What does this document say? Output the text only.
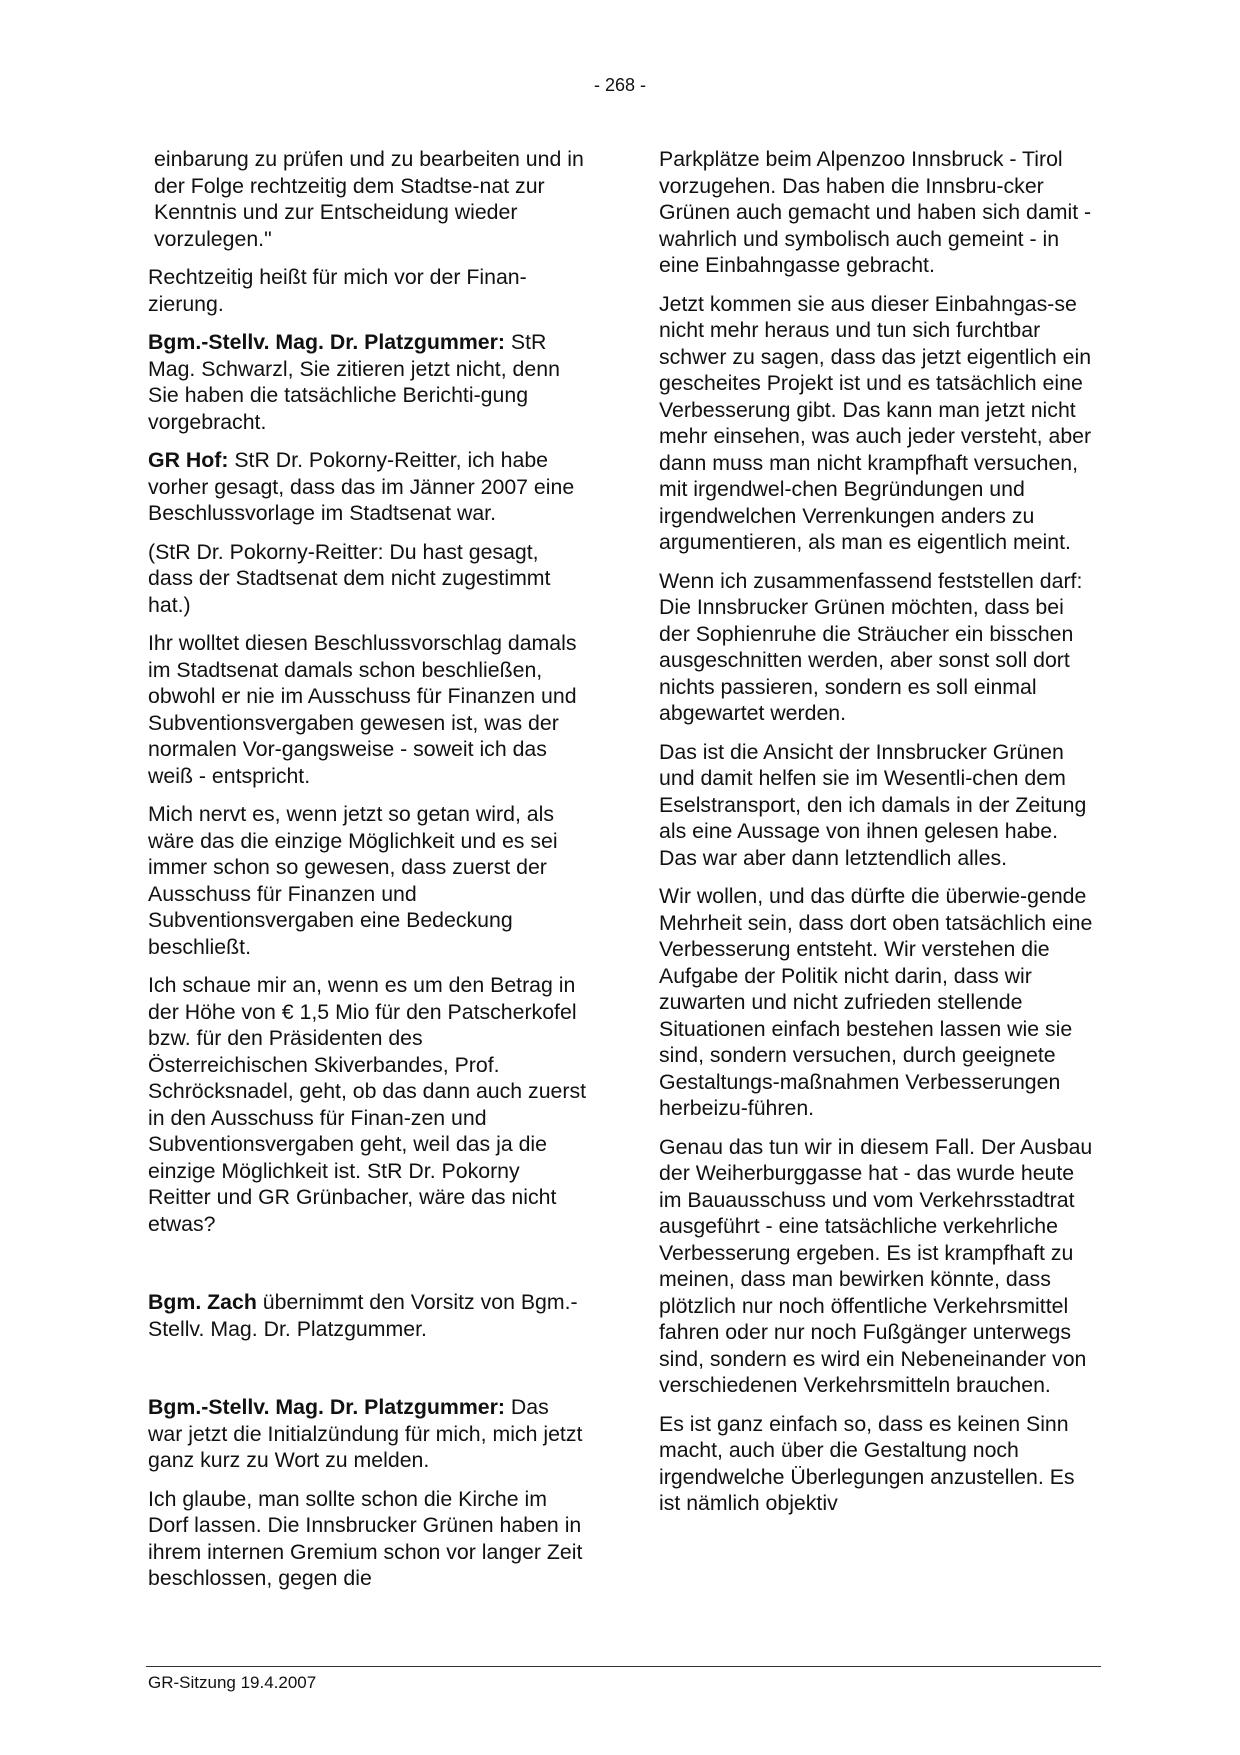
- 268 -

einbarung zu prüfen und zu bearbeiten und in der Folge rechtzeitig dem Stadtse-nat zur Kenntnis und zur Entscheidung wieder vorzulegen."

Rechtzeitig heißt für mich vor der Finan-zierung.

Bgm.-Stellv. Mag. Dr. Platzgummer: StR Mag. Schwarzl, Sie zitieren jetzt nicht, denn Sie haben die tatsächliche Berichti-gung vorgebracht.

GR Hof: StR Dr. Pokorny-Reitter, ich habe vorher gesagt, dass das im Jänner 2007 eine Beschlussvorlage im Stadtsenat war.

(StR Dr. Pokorny-Reitter: Du hast gesagt, dass der Stadtsenat dem nicht zugestimmt hat.)

Ihr wolltet diesen Beschlussvorschlag damals im Stadtsenat damals schon beschließen, obwohl er nie im Ausschuss für Finanzen und Subventionsvergaben gewesen ist, was der normalen Vor-gangsweise - soweit ich das weiß - entspricht.

Mich nervt es, wenn jetzt so getan wird, als wäre das die einzige Möglichkeit und es sei immer schon so gewesen, dass zuerst der Ausschuss für Finanzen und Subventionsvergaben eine Bedeckung beschließt.

Ich schaue mir an, wenn es um den Betrag in der Höhe von € 1,5 Mio für den Patscherkofel bzw. für den Präsidenten des Österreichischen Skiverbandes, Prof. Schröcksnadel, geht, ob das dann auch zuerst in den Ausschuss für Finan-zen und Subventionsvergaben geht, weil das ja die einzige Möglichkeit ist. StR Dr. Pokorny Reitter und GR Grünbacher, wäre das nicht etwas?

Bgm. Zach übernimmt den Vorsitz von Bgm.-Stellv. Mag. Dr. Platzgummer.

Bgm.-Stellv. Mag. Dr. Platzgummer: Das war jetzt die Initialzündung für mich, mich jetzt ganz kurz zu Wort zu melden.

Ich glaube, man sollte schon die Kirche im Dorf lassen. Die Innsbrucker Grünen haben in ihrem internen Gremium schon vor langer Zeit beschlossen, gegen die

Parkplätze beim Alpenzoo Innsbruck - Tirol vorzugehen. Das haben die Innsbru-cker Grünen auch gemacht und haben sich damit - wahrlich und symbolisch auch gemeint - in eine Einbahngasse gebracht.

Jetzt kommen sie aus dieser Einbahngas-se nicht mehr heraus und tun sich furchtbar schwer zu sagen, dass das jetzt eigentlich ein gescheites Projekt ist und es tatsächlich eine Verbesserung gibt. Das kann man jetzt nicht mehr einsehen, was auch jeder versteht, aber dann muss man nicht krampfhaft versuchen, mit irgendwel-chen Begründungen und irgendwelchen Verrenkungen anders zu argumentieren, als man es eigentlich meint.

Wenn ich zusammenfassend feststellen darf: Die Innsbrucker Grünen möchten, dass bei der Sophienruhe die Sträucher ein bisschen ausgeschnitten werden, aber sonst soll dort nichts passieren, sondern es soll einmal abgewartet werden.

Das ist die Ansicht der Innsbrucker Grünen und damit helfen sie im Wesentli-chen dem Eselstransport, den ich damals in der Zeitung als eine Aussage von ihnen gelesen habe. Das war aber dann letztendlich alles.

Wir wollen, und das dürfte die überwie-gende Mehrheit sein, dass dort oben tatsächlich eine Verbesserung entsteht. Wir verstehen die Aufgabe der Politik nicht darin, dass wir zuwarten und nicht zufrieden stellende Situationen einfach bestehen lassen wie sie sind, sondern versuchen, durch geeignete Gestaltungs-maßnahmen Verbesserungen herbeizu-führen.

Genau das tun wir in diesem Fall. Der Ausbau der Weiherburggasse hat - das wurde heute im Bauausschuss und vom Verkehrsstadtrat ausgeführt - eine tatsächliche verkehrliche Verbesserung ergeben. Es ist krampfhaft zu meinen, dass man bewirken könnte, dass plötzlich nur noch öffentliche Verkehrsmittel fahren oder nur noch Fußgänger unterwegs sind, sondern es wird ein Nebeneinander von verschiedenen Verkehrsmitteln brauchen.

Es ist ganz einfach so, dass es keinen Sinn macht, auch über die Gestaltung noch irgendwelche Überlegungen anzustellen. Es ist nämlich objektiv

GR-Sitzung 19.4.2007
